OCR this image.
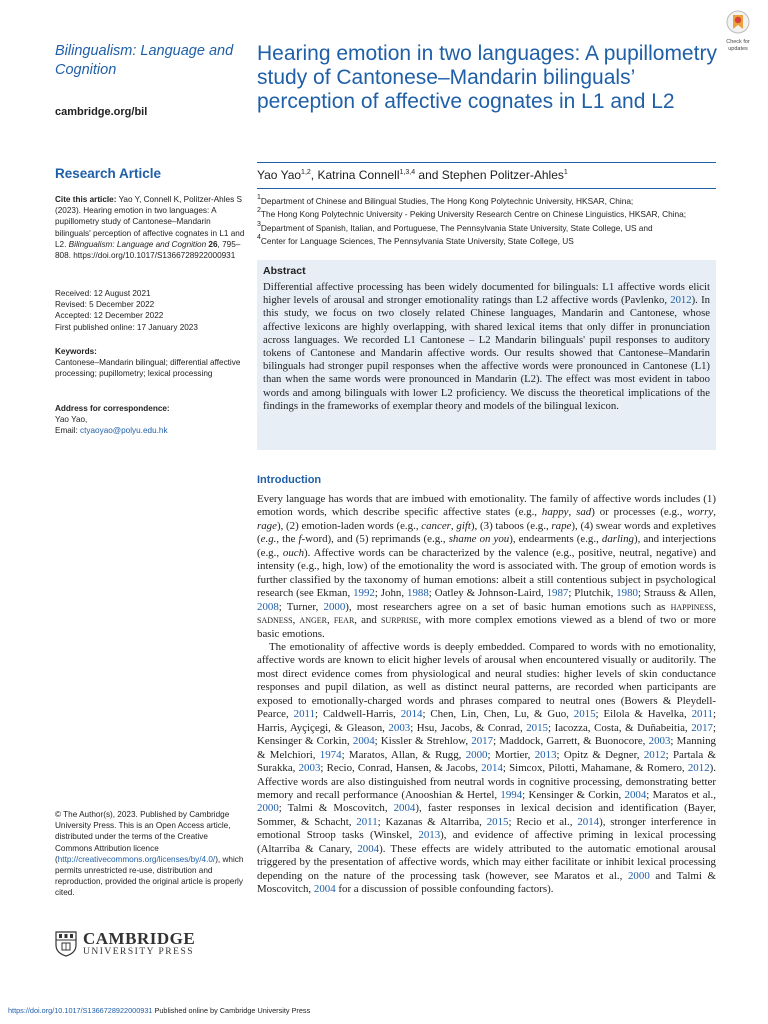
Bilingualism: Language and Cognition
cambridge.org/bil
Check for
updates
Research Article
Cite this article: Yao Y, Connell K, Politzer-Ahles S (2023). Hearing emotion in two languages: A pupillometry study of Cantonese–Mandarin bilinguals' perception of affective cognates in L1 and L2. Bilingualism: Language and Cognition 26, 795–808. https://doi.org/10.1017/S1366728922000931
Received: 12 August 2021
Revised: 5 December 2022
Accepted: 12 December 2022
First published online: 17 January 2023
Keywords:
Cantonese–Mandarin bilingual; differential affective processing; pupillometry; lexical processing
Address for correspondence:
Yao Yao,
Email: ctyaoyao@polyu.edu.hk
© The Author(s), 2023. Published by Cambridge University Press. This is an Open Access article, distributed under the terms of the Creative Commons Attribution licence (http://creativecommons.org/licenses/by/4.0/), which permits unrestricted re-use, distribution and reproduction, provided the original article is properly cited.
CAMBRIDGE
UNIVERSITY PRESS
Hearing emotion in two languages: A pupillometry study of Cantonese–Mandarin bilinguals’ perception of affective cognates in L1 and L2
Yao Yao$^{1,2}$, Katrina Connell$^{1,3,4}$ and Stephen Politzer-Ahles$^1$
$^1$Department of Chinese and Bilingual Studies, The Hong Kong Polytechnic University, HKSAR, China;
$^2$The Hong Kong Polytechnic University - Peking University Research Centre on Chinese Linguistics, HKSAR, China;
$^3$Department of Spanish, Italian, and Portuguese, The Pennsylvania State University, State College, US and
$^4$Center for Language Sciences, The Pennsylvania State University, State College, US
Abstract

Differential affective processing has been widely documented for bilinguals: L1 affective words elicit higher levels of arousal and stronger emotionality ratings than L2 affective words (Pavlenko, 2012). In this study, we focus on two closely related Chinese languages, Mandarin and Cantonese, whose affective lexicons are highly overlapping, with shared lexical items that only differ in pronunciation across languages. We recorded L1 Cantonese – L2 Mandarin bilinguals' pupil responses to auditory tokens of Cantonese and Mandarin affective words. Our results showed that Cantonese–Mandarin bilinguals had stronger pupil responses when the affective words were pronounced in Cantonese (L1) than when the same words were pronounced in Mandarin (L2). The effect was most evident in taboo words and among bilinguals with lower L2 proficiency. We discuss the theoretical implications of the findings in the frameworks of exemplar theory and models of the bilingual lexicon.

Introduction

Every language has words that are imbued with emotionality. The family of affective words includes (1) emotion words, which describe specific affective states (e.g., happy, sad) or processes (e.g., worry, rage), (2) emotion-laden words (e.g., cancer, gift), (3) taboos (e.g., rape), (4) swear words and expletives (e.g., the f-word), and (5) reprimands (e.g., shame on you), endearments (e.g., darling), and interjections (e.g., ouch). Affective words can be characterized by the valence (e.g., positive, neutral, negative) and intensity (e.g., high, low) of the emotionality the word is associated with. The group of emotion words is further classified by the taxonomy of human emotions: albeit a still contentious subject in psychological research (see Ekman, 1992; John, 1988; Oatley & Johnson-Laird, 1987; Plutchik, 1980; Strauss & Allen, 2008; Turner, 2000), most researchers agree on a set of basic human emotions such as happiness, sadness, anger, fear, and surprise, with more complex emotions viewed as a blend of two or more basic emotions.

The emotionality of affective words is deeply embedded. Compared to words with no emotionality, affective words are known to elicit higher levels of arousal when encountered visually or auditorily. The most direct evidence comes from physiological and neural studies: higher levels of skin conductance responses and pupil dilation, as well as distinct neural patterns, are recorded when participants are exposed to emotionally-charged words and phrases compared to neutral ones (Bowers & Pleydell-Pearce, 2011; Caldwell-Harris, 2014; Chen, Lin, Chen, Lu, & Guo, 2015; Eilola & Havelka, 2011; Harris, Ayçiçegi, & Gleason, 2003; Hsu, Jacobs, & Conrad, 2015; Iacozza, Costa, & Duñabeitia, 2017; Kensinger & Corkin, 2004; Kissler & Strehlow, 2017; Maddock, Garrett, & Buonocore, 2003; Manning & Melchiori, 1974; Maratos, Allan, & Rugg, 2000; Mortier, 2013; Opitz & Degner, 2012; Partala & Surakka, 2003; Recio, Conrad, Hansen, & Jacobs, 2014; Simcox, Pilotti, Mahamane, & Romero, 2012). Affective words are also distinguished from neutral words in cognitive processing, demonstrating better memory and recall performance (Anooshian & Hertel, 1994; Kensinger & Corkin, 2004; Maratos et al., 2000; Talmi & Moscovitch, 2004), faster responses in lexical decision and identification (Bayer, Sommer, & Schacht, 2011; Kazanas & Altarriba, 2015; Recio et al., 2014), stronger interference in emotional Stroop tasks (Winskel, 2013), and evidence of affective priming in lexical processing (Altarriba & Canary, 2004). These effects are widely attributed to the automatic emotional arousal triggered by the presentation of affective words, which may either facilitate or inhibit lexical processing depending on the nature of the processing task (however, see Maratos et al., 2000 and Talmi & Moscovitch, 2004 for a discussion of possible confounding factors).

https://doi.org/10.1017/S1366728922000931 Published online by Cambridge University Press
